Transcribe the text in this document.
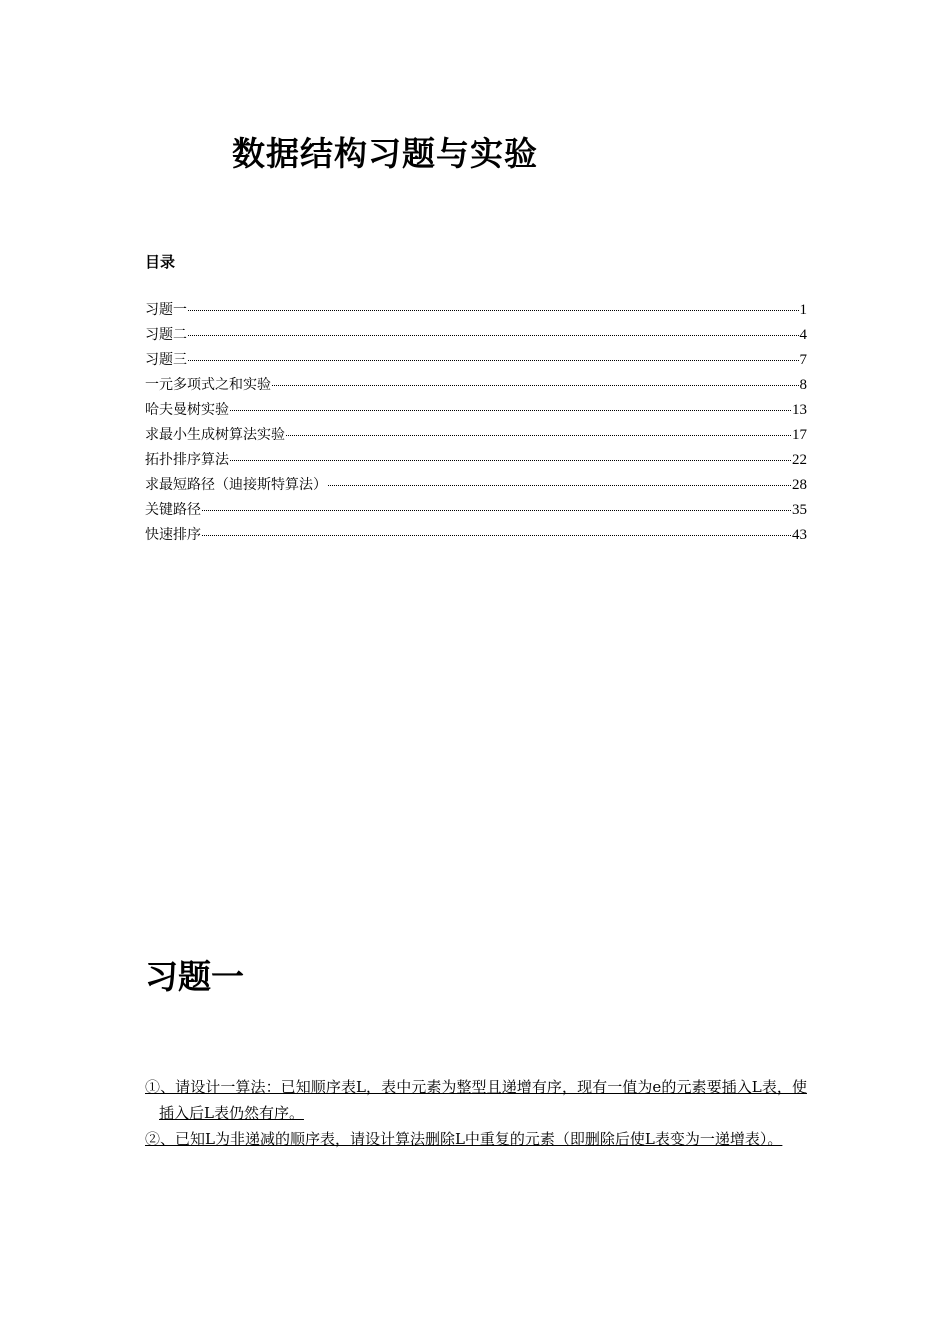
数据结构习题与实验
目录
习题一	1
习题二	4
习题三	7
一元多项式之和实验	8
哈夫曼树实验	13
求最小生成树算法实验	17
拓扑排序算法	22
求最短路径（迪接斯特算法）	28
关键路径	35
快速排序	43
习题一
①、请设计一算法：已知顺序表L，表中元素为整型且递增有序，现有一值为e的元素要插入L表，使插入后L表仍然有序。
②、已知L为非递减的顺序表，请设计算法删除L中重复的元素（即删除后使L表变为一递增表）。
